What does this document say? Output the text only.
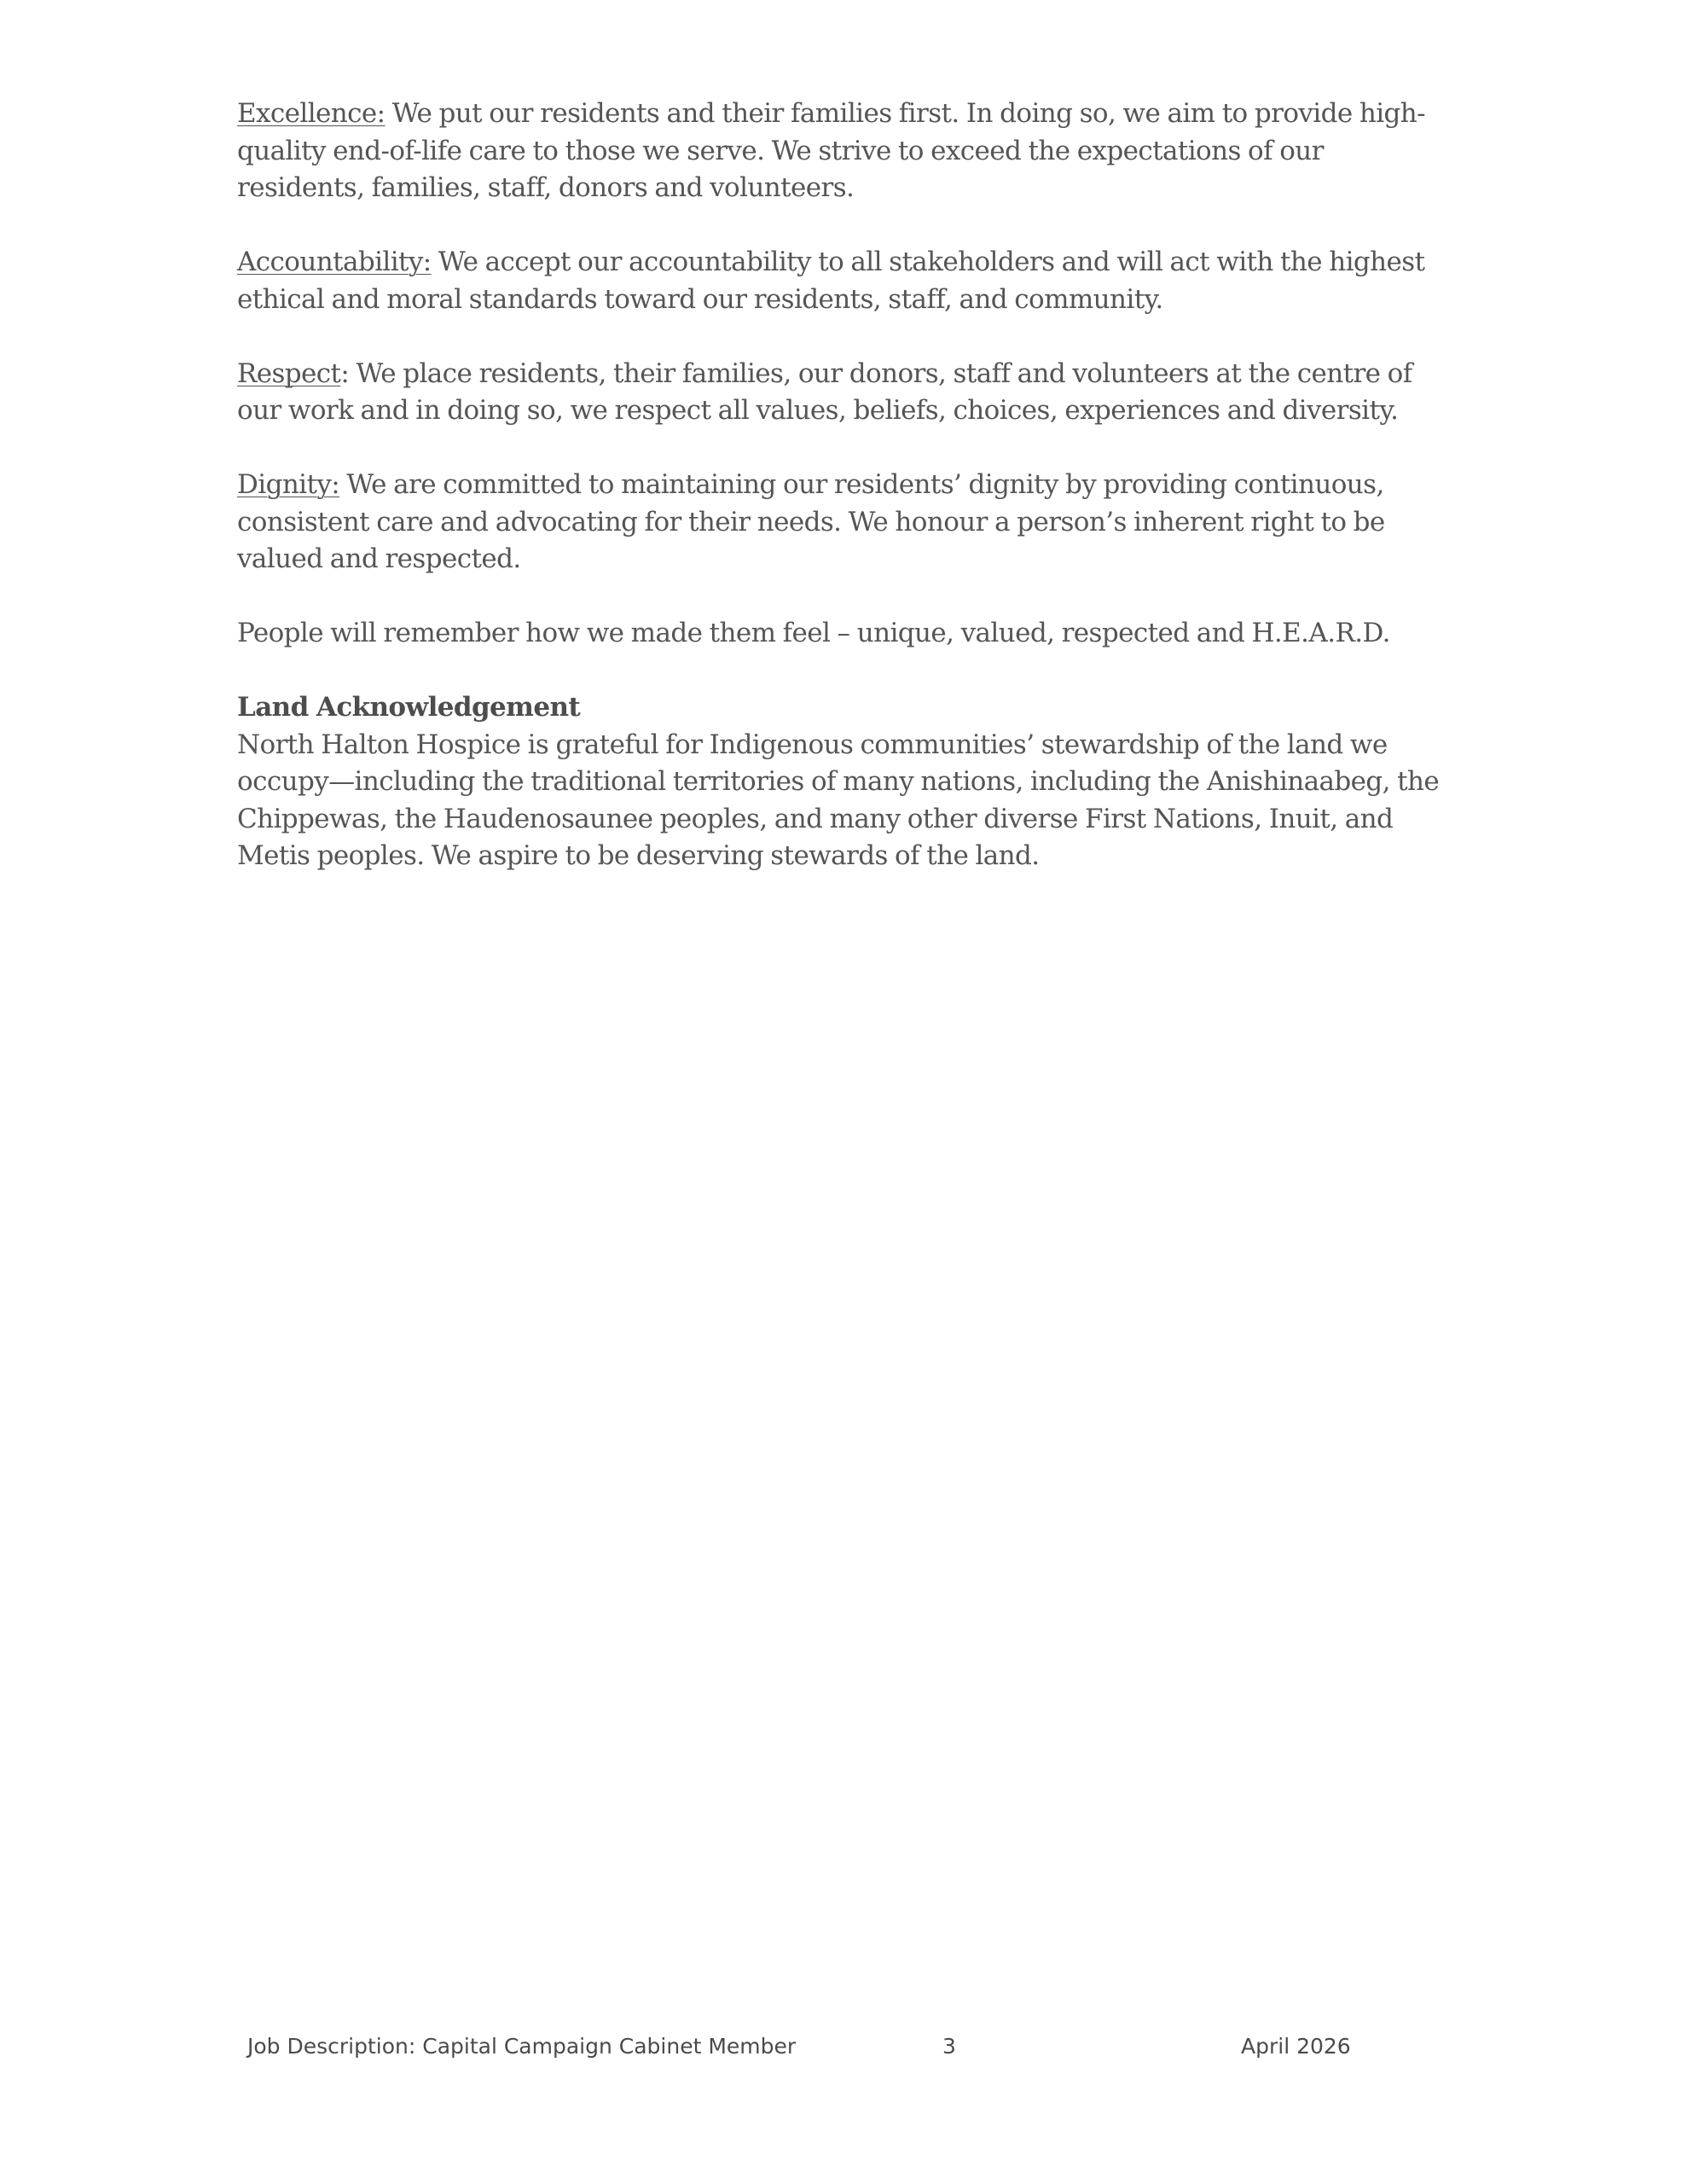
Excellence: We put our residents and their families first. In doing so, we aim to provide high-quality end-of-life care to those we serve. We strive to exceed the expectations of our residents, families, staff, donors and volunteers.

Accountability: We accept our accountability to all stakeholders and will act with the highest ethical and moral standards toward our residents, staff, and community.

Respect: We place residents, their families, our donors, staff and volunteers at the centre of our work and in doing so, we respect all values, beliefs, choices, experiences and diversity.

Dignity: We are committed to maintaining our residents’ dignity by providing continuous, consistent care and advocating for their needs. We honour a person’s inherent right to be valued and respected.

People will remember how we made them feel – unique, valued, respected and H.E.A.R.D.

Land Acknowledgement
North Halton Hospice is grateful for Indigenous communities’ stewardship of the land we occupy—including the traditional territories of many nations, including the Anishinaabeg, the Chippewas, the Haudenosaunee peoples, and many other diverse First Nations, Inuit, and Metis peoples. We aspire to be deserving stewards of the land.
Job Description: Capital Campaign Cabinet Member	3	April 2026
